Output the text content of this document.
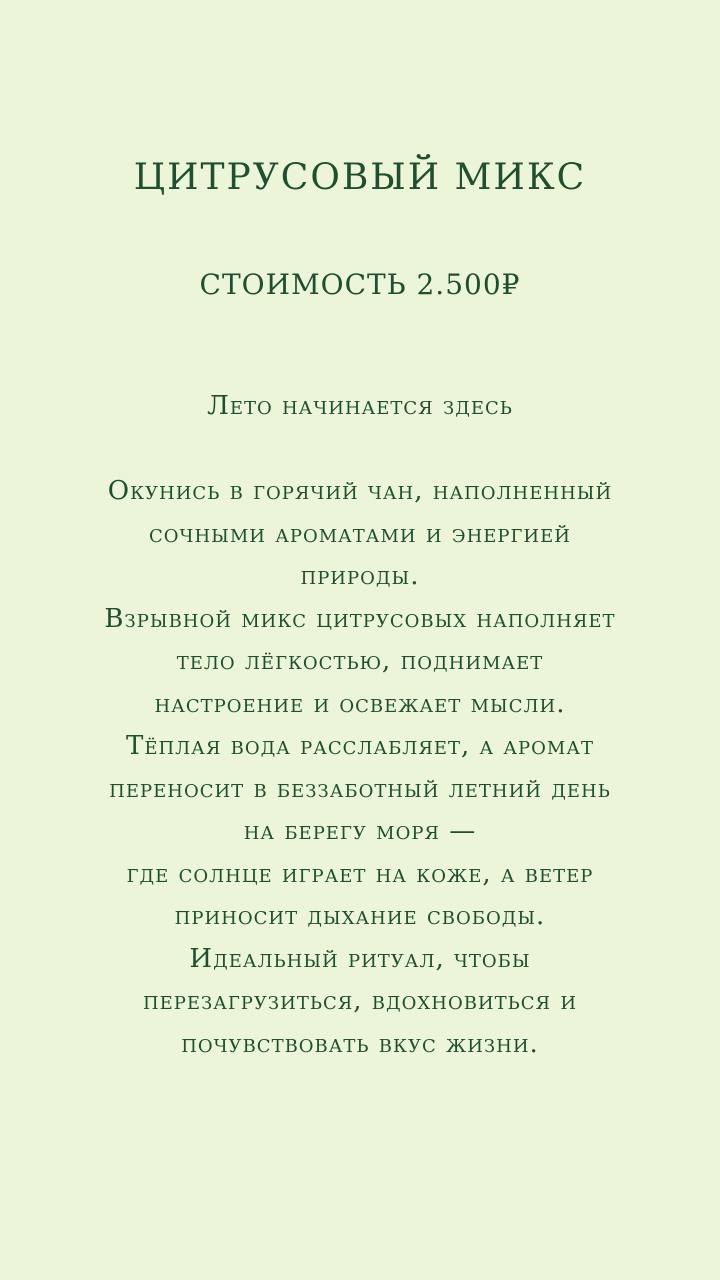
ЦИТРУСОВЫЙ МИКС
СТОИМОСТЬ 2.500₽
Лето начинается здесь
Окунись в горячий чан, наполненный
сочными ароматами и энергией
природы.
Взрывной микс цитрусовых наполняет
тело лёгкостью, поднимает
настроение и освежает мысли.
Тёплая вода расслабляет, а аромат
переносит в беззаботный летний день
на берегу моря —
где солнце играет на коже, а ветер
приносит дыхание свободы.
Идеальный ритуал, чтобы
перезагрузиться, вдохновиться и
почувствовать вкус жизни.
